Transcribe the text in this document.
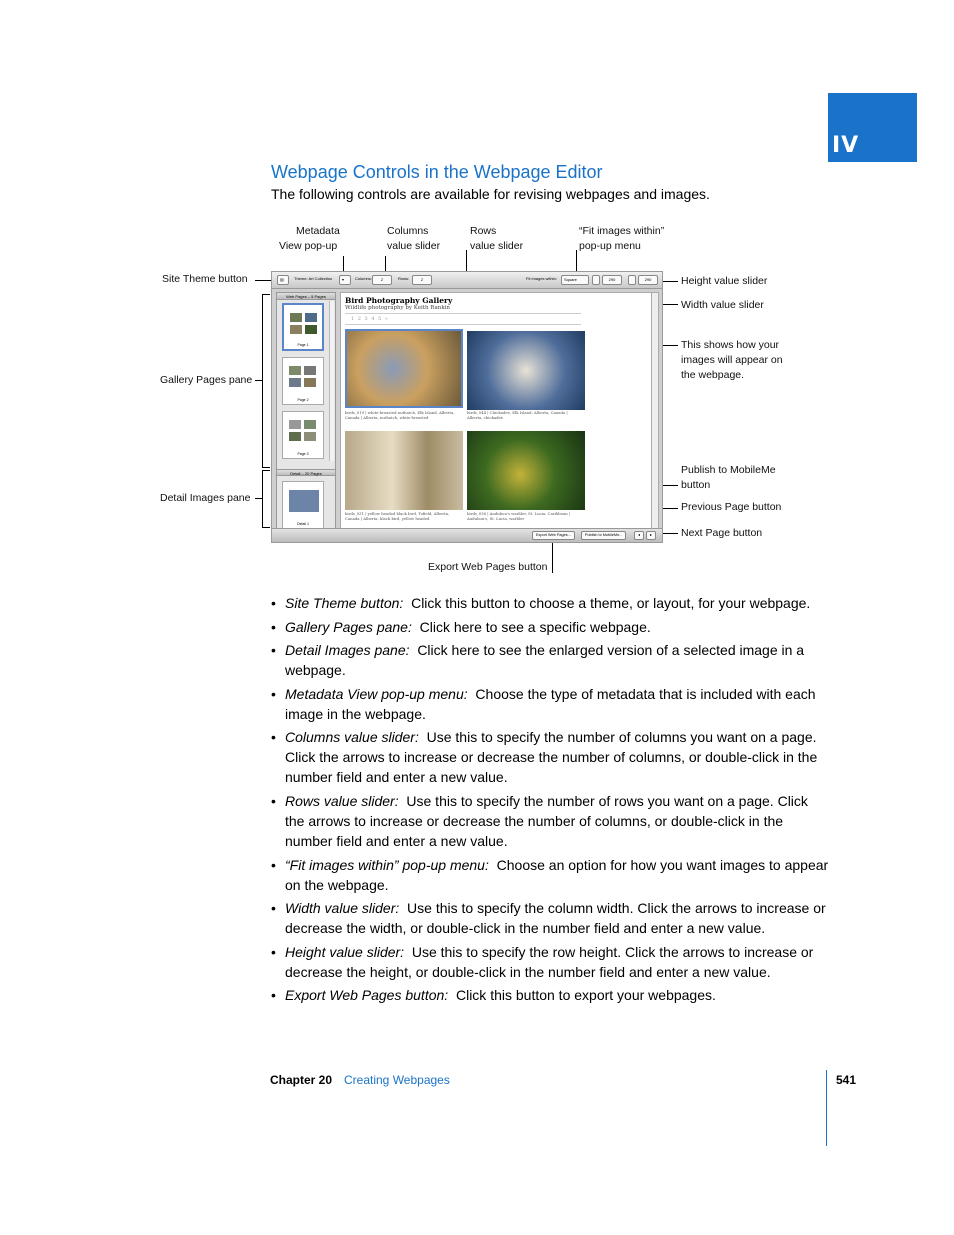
IV
Webpage Controls in the Webpage Editor

The following controls are available for revising webpages and images.

Metadata
View pop-up
Columns
value slider
Rows
value slider
“Fit images within”
pop-up menu
Site Theme button
Gallery Pages pane
Detail Images pane
Height value slider
Width value slider
This shows how your
images will appear on
the webpage.
Publish to MobileMe
button
Previous Page button
Next Page button
Export Web Pages button
▤	Theme: Art Collection	▾	Columns:	2	Rows:	2	Fit images within:	Square	290	290
Web Pages – 5 Pages
Page 1
Page 2
Page 3
Detail – 20 Pages
Detail 1
Bird Photography Gallery
Wildlife photography by Keith Rankin
1 2 3 4 5 »
birds_019 | white-breasted nuthatch, Elk Island, Alberta, Canada | Alberta, nuthatch, white-breasted
birds_044 | Chickadee, Elk Island, Alberta, Canada | Alberta, chickadee
birds_031 | yellow headed black bird, Tofield, Alberta, Canada | Alberta, black bird, yellow headed
birds_036 | Audubon's warbler, St. Lucia, Caribbean | Audubon's, St. Lucia, warbler
Export Web Pages...	Publish to MobileMe...	◂	▸
• Site Theme button: Click this button to choose a theme, or layout, for your webpage.
• Gallery Pages pane: Click here to see a specific webpage.
• Detail Images pane: Click here to see the enlarged version of a selected image in a webpage.
• Metadata View pop-up menu: Choose the type of metadata that is included with each image in the webpage.
• Columns value slider: Use this to specify the number of columns you want on a page. Click the arrows to increase or decrease the number of columns, or double-click in the number field and enter a new value.
• Rows value slider: Use this to specify the number of rows you want on a page. Click the arrows to increase or decrease the number of columns, or double-click in the number field and enter a new value.
• “Fit images within” pop-up menu: Choose an option for how you want images to appear on the webpage.
• Width value slider: Use this to specify the column width. Click the arrows to increase or decrease the width, or double-click in the number field and enter a new value.
• Height value slider: Use this to specify the row height. Click the arrows to increase or decrease the height, or double-click in the number field and enter a new value.
• Export Web Pages button: Click this button to export your webpages.
Chapter 20 Creating Webpages	541
